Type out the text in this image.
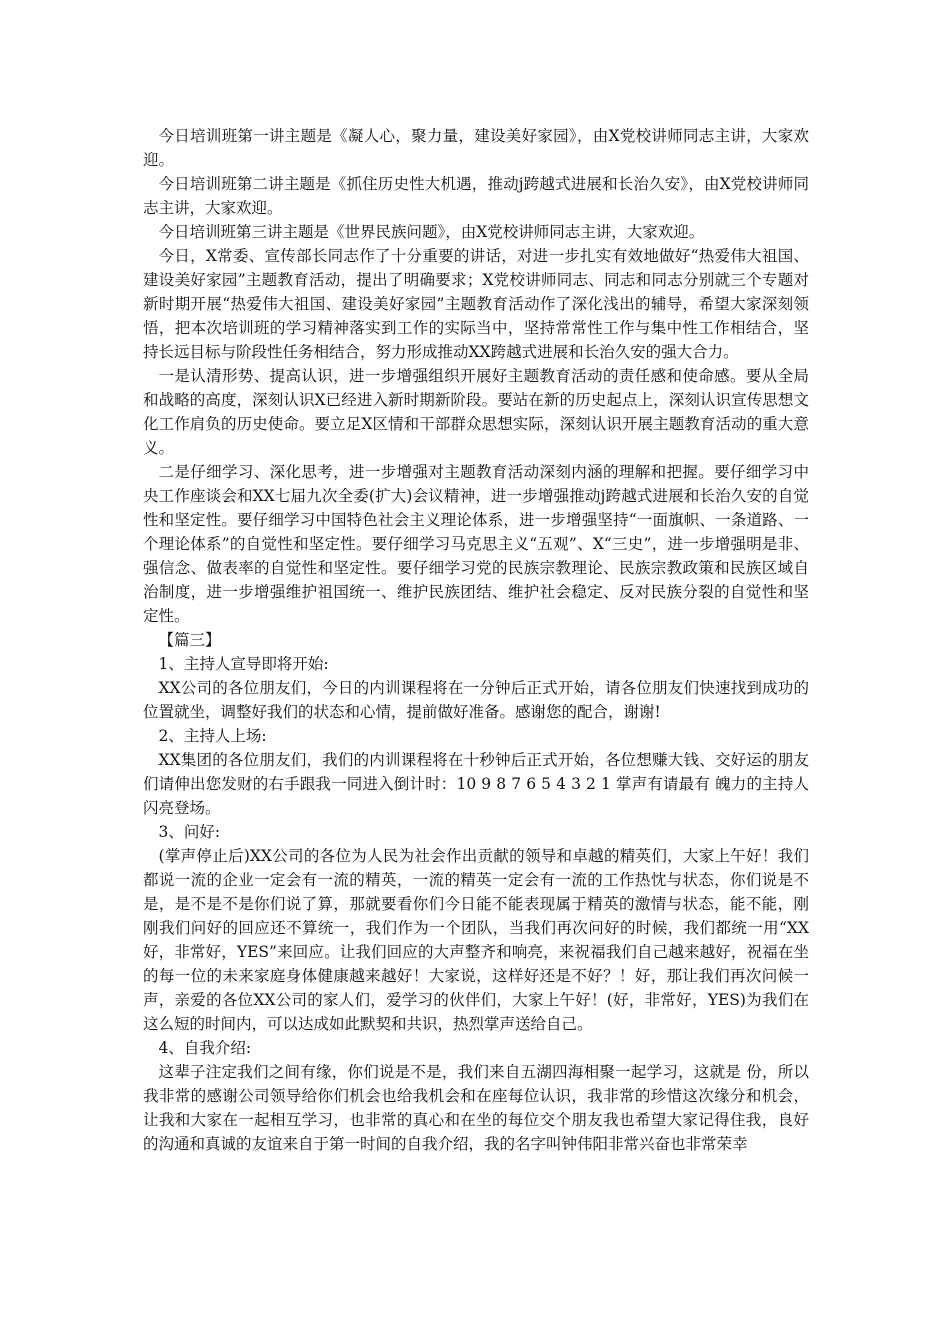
今日培训班第一讲主题是《凝人心，聚力量，建设美好家园》，由X党校讲师同志主讲，大家欢迎。

今日培训班第二讲主题是《抓住历史性大机遇，推动j跨越式进展和长治久安》，由X党校讲师同志主讲，大家欢迎。

今日培训班第三讲主题是《世界民族问题》，由X党校讲师同志主讲，大家欢迎。

今日，X常委、宣传部长同志作了十分重要的讲话，对进一步扎实有效地做好“热爱伟大祖国、建设美好家园”主题教育活动，提出了明确要求；X党校讲师同志、同志和同志分别就三个专题对新时期开展“热爱伟大祖国、建设美好家园”主题教育活动作了深化浅出的辅导，希望大家深刻领悟，把本次培训班的学习精神落实到工作的实际当中，坚持常常性工作与集中性工作相结合，坚持长远目标与阶段性任务相结合，努力形成推动XX跨越式进展和长治久安的强大合力。

一是认清形势、提高认识，进一步增强组织开展好主题教育活动的责任感和使命感。要从全局和战略的高度，深刻认识X已经进入新时期新阶段。要站在新的历史起点上，深刻认识宣传思想文化工作肩负的历史使命。要立足X区情和干部群众思想实际，深刻认识开展主题教育活动的重大意义。

二是仔细学习、深化思考，进一步增强对主题教育活动深刻内涵的理解和把握。要仔细学习中央工作座谈会和XX七届九次全委(扩大)会议精神，进一步增强推动j跨越式进展和长治久安的自觉性和坚定性。要仔细学习中国特色社会主义理论体系，进一步增强坚持“一面旗帜、一条道路、一个理论体系”的自觉性和坚定性。要仔细学习马克思主义“五观”、X“三史”，进一步增强明是非、强信念、做表率的自觉性和坚定性。要仔细学习党的民族宗教理论、民族宗教政策和民族区域自治制度，进一步增强维护祖国统一、维护民族团结、维护社会稳定、反对民族分裂的自觉性和坚定性。

【篇三】

1、主持人宣导即将开始:

XX公司的各位朋友们，今日的内训课程将在一分钟后正式开始，请各位朋友们快速找到成功的位置就坐，调整好我们的状态和心情，提前做好准备。感谢您的配合，谢谢!

2、主持人上场:

XX集团的各位朋友们，我们的内训课程将在十秒钟后正式开始，各位想赚大钱、交好运的朋友们请伸出您发财的右手跟我一同进入倒计时：10 9 8 7 6 5 4 3 2 1 掌声有请最有 魄力的主持人闪亮登场。

3、问好:

(掌声停止后)XX公司的各位为人民为社会作出贡献的领导和卓越的精英们，大家上午好！我们都说一流的企业一定会有一流的精英，一流的精英一定会有一流的工作热忱与状态，你们说是不是，是不是不是你们说了算，那就要看你们今日能不能表现属于精英的激情与状态，能不能，刚刚我们问好的回应还不算统一，我们作为一个团队，当我们再次问好的时候，我们都统一用“XX好，非常好，YES”来回应。让我们回应的大声整齐和响亮，来祝福我们自己越来越好，祝福在坐的每一位的未来家庭身体健康越来越好！大家说，这样好还是不好？！好，那让我们再次问候一声，亲爱的各位XX公司的家人们，爱学习的伙伴们，大家上午好！(好，非常好，YES)为我们在这么短的时间内，可以达成如此默契和共识，热烈掌声送给自己。

4、自我介绍:

这辈子注定我们之间有缘，你们说是不是，我们来自五湖四海相聚一起学习，这就是 份，所以我非常的感谢公司领导给你们机会也给我机会和在座每位认识，我非常的珍惜这次缘分和机会，让我和大家在一起相互学习，也非常的真心和在坐的每位交个朋友我也希望大家记得住我，良好的沟通和真诚的友谊来自于第一时间的自我介绍，我的名字叫钟伟阳非常兴奋也非常荣幸
